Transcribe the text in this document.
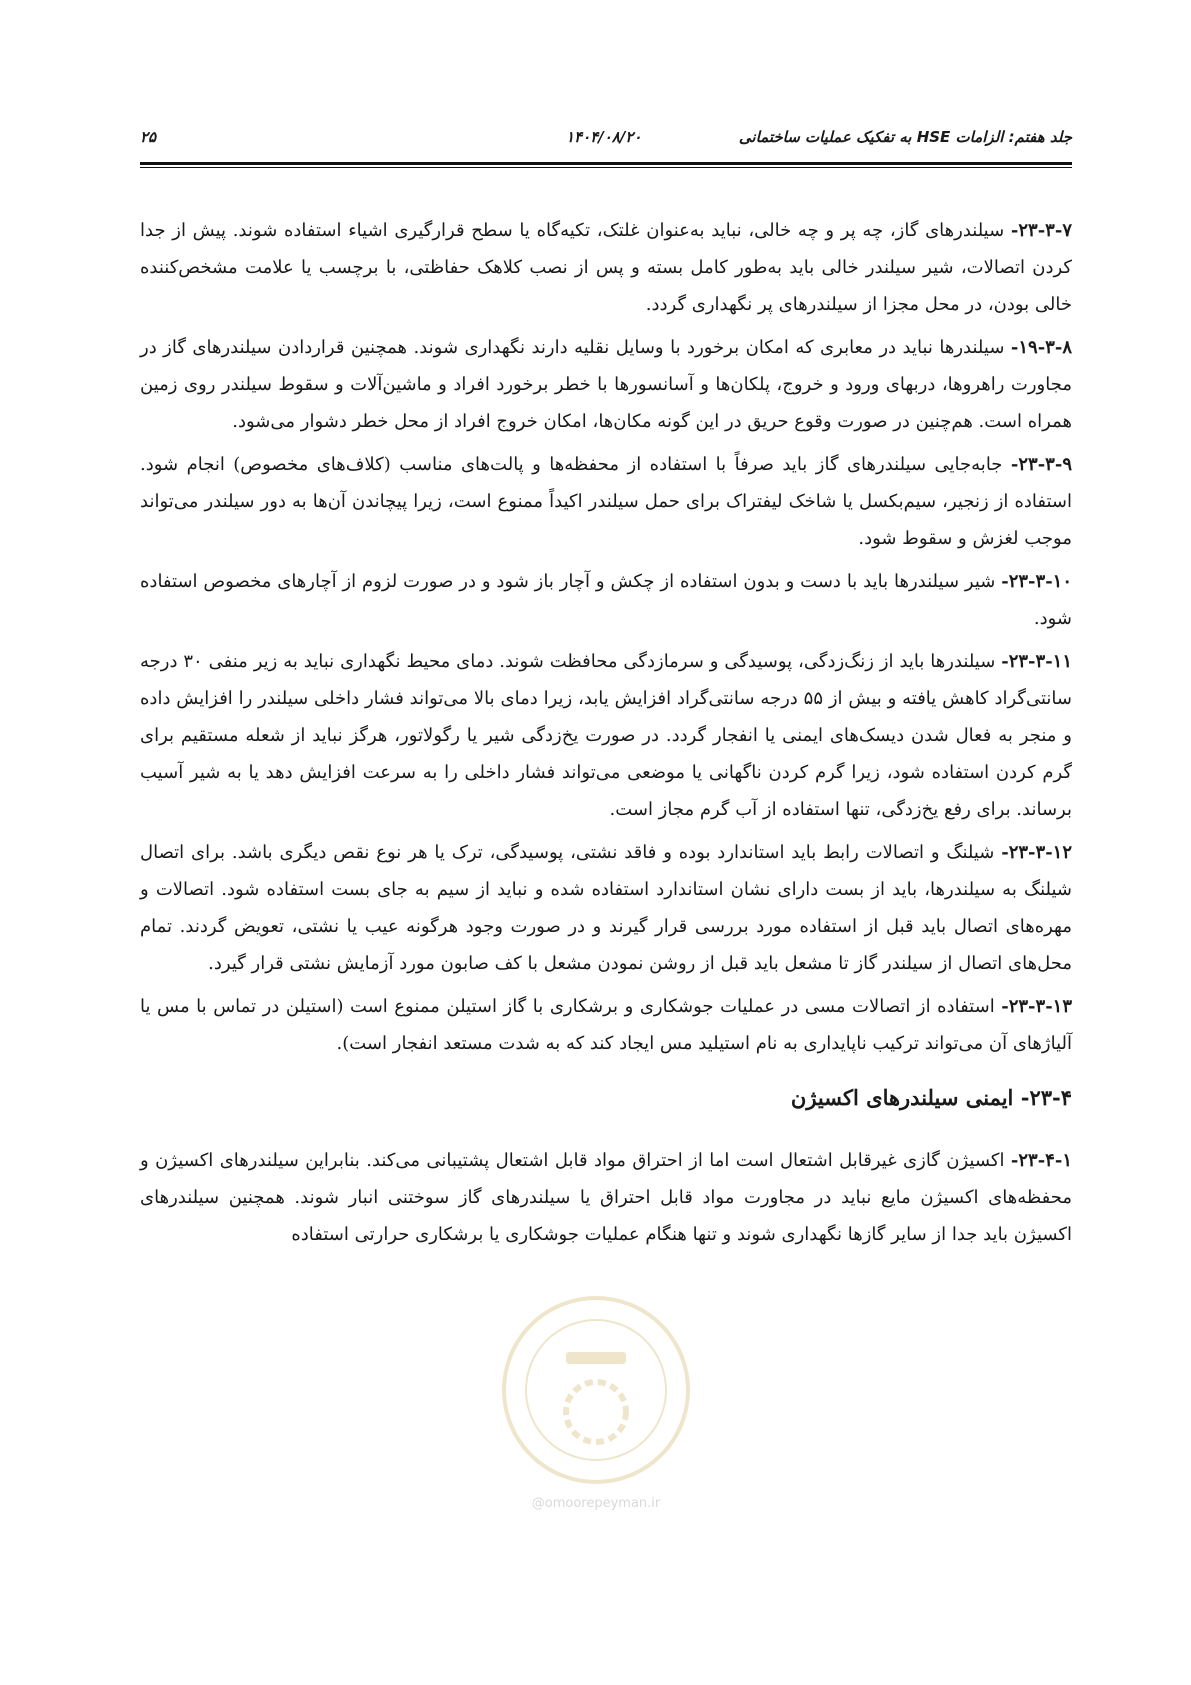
جلد هفتم: الزامات HSE به تفکیک عملیات ساختمانی
۱۴۰۴/۰۸/۲۰
۲۵

۲۳-۳-۷- سیلندرهای گاز، چه پر و چه خالی، نباید به‌عنوان غلتک، تکیه‌گاه یا سطح قرارگیری اشیاء استفاده شوند. پیش از جدا کردن اتصالات، شیر سیلندر خالی باید به‌طور کامل بسته و پس از نصب کلاهک حفاظتی، با برچسب یا علامت مشخص‌کننده خالی بودن، در محل مجزا از سیلندرهای پر نگهداری گردد.

۱۹-۳-۸- سیلندرها نباید در معابری که امکان برخورد با وسایل نقلیه دارند نگهداری شوند. همچنین قراردادن سیلندرهای گاز در مجاورت راهروها، دربهای ورود و خروج، پلکان‌ها و آسانسورها با خطر برخورد افراد و ماشین‌آلات و سقوط سیلندر روی زمین همراه است. هم‌چنین در صورت وقوع حریق در این گونه مکان‌ها، امکان خروج افراد از محل خطر دشوار می‌شود.

۲۳-۳-۹- جابه‌جایی سیلندرهای گاز باید صرفاً با استفاده از محفظه‌ها و پالت‌های مناسب (کلاف‌های مخصوص) انجام شود. استفاده از زنجیر، سیم‌بکسل یا شاخک لیفتراک برای حمل سیلندر اکیداً ممنوع است، زیرا پیچاندن آن‌ها به دور سیلندر می‌تواند موجب لغزش و سقوط شود.

۲۳-۳-۱۰- شیر سیلندرها باید با دست و بدون استفاده از چکش و آچار باز شود و در صورت لزوم از آچارهای مخصوص استفاده شود.

۲۳-۳-۱۱- سیلندرها باید از زنگ‌زدگی، پوسیدگی و سرمازدگی محافظت شوند. دمای محیط نگهداری نباید به زیر منفی ۳۰ درجه سانتی‌گراد کاهش یافته و بیش از ۵۵ درجه سانتی‌گراد افزایش یابد، زیرا دمای بالا می‌تواند فشار داخلی سیلندر را افزایش داده و منجر به فعال شدن دیسک‌های ایمنی یا انفجار گردد. در صورت یخ‌زدگی شیر یا رگولاتور، هرگز نباید از شعله مستقیم برای گرم کردن استفاده شود، زیرا گرم کردن ناگهانی یا موضعی می‌تواند فشار داخلی را به سرعت افزایش دهد یا به شیر آسیب برساند. برای رفع یخ‌زدگی، تنها استفاده از آب گرم مجاز است.

۲۳-۳-۱۲- شیلنگ و اتصالات رابط باید استاندارد بوده و فاقد نشتی، پوسیدگی، ترک یا هر نوع نقص دیگری باشد. برای اتصال شیلنگ به سیلندرها، باید از بست دارای نشان استاندارد استفاده شده و نباید از سیم به جای بست استفاده شود. اتصالات و مهره‌های اتصال باید قبل از استفاده مورد بررسی قرار گیرند و در صورت وجود هرگونه عیب یا نشتی، تعویض گردند. تمام محل‌های اتصال از سیلندر گاز تا مشعل باید قبل از روشن نمودن مشعل با کف صابون مورد آزمایش نشتی قرار گیرد.

۲۳-۳-۱۳- استفاده از اتصالات مسی در عملیات جوشکاری و برشکاری با گاز استیلن ممنوع است (استیلن در تماس با مس یا آلیاژهای آن می‌تواند ترکیب ناپایداری به نام استیلید مس ایجاد کند که به شدت مستعد انفجار است).

۲۳-۴- ایمنی سیلندرهای اکسیژن

۲۳-۴-۱- اکسیژن گازی غیرقابل اشتعال است اما از احتراق مواد قابل اشتعال پشتیبانی می‌کند. بنابراین سیلندرهای اکسیژن و محفظه‌های اکسیژن مایع نباید در مجاورت مواد قابل احتراق یا سیلندرهای گاز سوختنی انبار شوند. همچنین سیلندرهای اکسیژن باید جدا از سایر گازها نگهداری شوند و تنها هنگام عملیات جوشکاری یا برشکاری حرارتی استفاده

@omoorepeyman.ir
